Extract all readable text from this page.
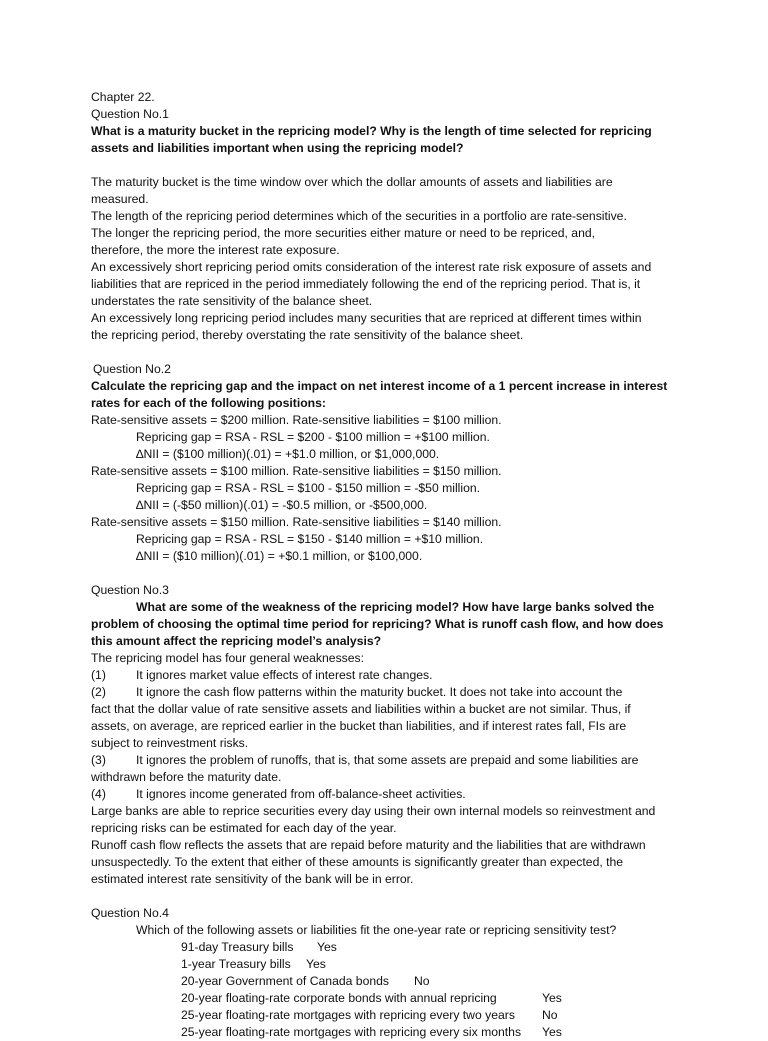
Chapter 22.
Question No.1
What is a maturity bucket in the repricing model? Why is the length of time selected for repricing
assets and liabilities important when using the repricing model?
The maturity bucket is the time window over which the dollar amounts of assets and liabilities are
measured.
The length of the repricing period determines which of the securities in a portfolio are rate-sensitive.
The longer the repricing period, the more securities either mature or need to be repriced, and,
therefore, the more the interest rate exposure.
An excessively short repricing period omits consideration of the interest rate risk exposure of assets and
liabilities that are repriced in the period immediately following the end of the repricing period. That is, it
understates the rate sensitivity of the balance sheet.
An excessively long repricing period includes many securities that are repriced at different times within
the repricing period, thereby overstating the rate sensitivity of the balance sheet.
Question No.2
Calculate the repricing gap and the impact on net interest income of a 1 percent increase in interest
rates for each of the following positions:
Rate-sensitive assets = $200 million. Rate-sensitive liabilities = $100 million.
Repricing gap = RSA - RSL = $200 - $100 million = +$100 million.
∆NII = ($100 million)(.01) = +$1.0 million, or $1,000,000.
Rate-sensitive assets = $100 million. Rate-sensitive liabilities = $150 million.
Repricing gap = RSA - RSL = $100 - $150 million = -$50 million.
∆NII = (-$50 million)(.01) = -$0.5 million, or -$500,000.
Rate-sensitive assets = $150 million. Rate-sensitive liabilities = $140 million.
Repricing gap = RSA - RSL = $150 - $140 million = +$10 million.
∆NII = ($10 million)(.01) = +$0.1 million, or $100,000.
Question No.3
What are some of the weakness of the repricing model? How have large banks solved the
problem of choosing the optimal time period for repricing? What is runoff cash flow, and how does
this amount affect the repricing model’s analysis?
The repricing model has four general weaknesses:
(1) It ignores market value effects of interest rate changes.
(2) It ignore the cash flow patterns within the maturity bucket. It does not take into account the
fact that the dollar value of rate sensitive assets and liabilities within a bucket are not similar. Thus, if
assets, on average, are repriced earlier in the bucket than liabilities, and if interest rates fall, FIs are
subject to reinvestment risks.
(3) It ignores the problem of runoffs, that is, that some assets are prepaid and some liabilities are
withdrawn before the maturity date.
(4) It ignores income generated from off-balance-sheet activities.
Large banks are able to reprice securities every day using their own internal models so reinvestment and
repricing risks can be estimated for each day of the year.
Runoff cash flow reflects the assets that are repaid before maturity and the liabilities that are withdrawn
unsuspectedly. To the extent that either of these amounts is significantly greater than expected, the
estimated interest rate sensitivity of the bank will be in error.
Question No.4
Which of the following assets or liabilities fit the one-year rate or repricing sensitivity test?
91-day Treasury bills Yes
1-year Treasury bills Yes
20-year Government of Canada bonds No
20-year floating-rate corporate bonds with annual repricing	Yes
25-year floating-rate mortgages with repricing every two years No
25-year floating-rate mortgages with repricing every six months Yes
